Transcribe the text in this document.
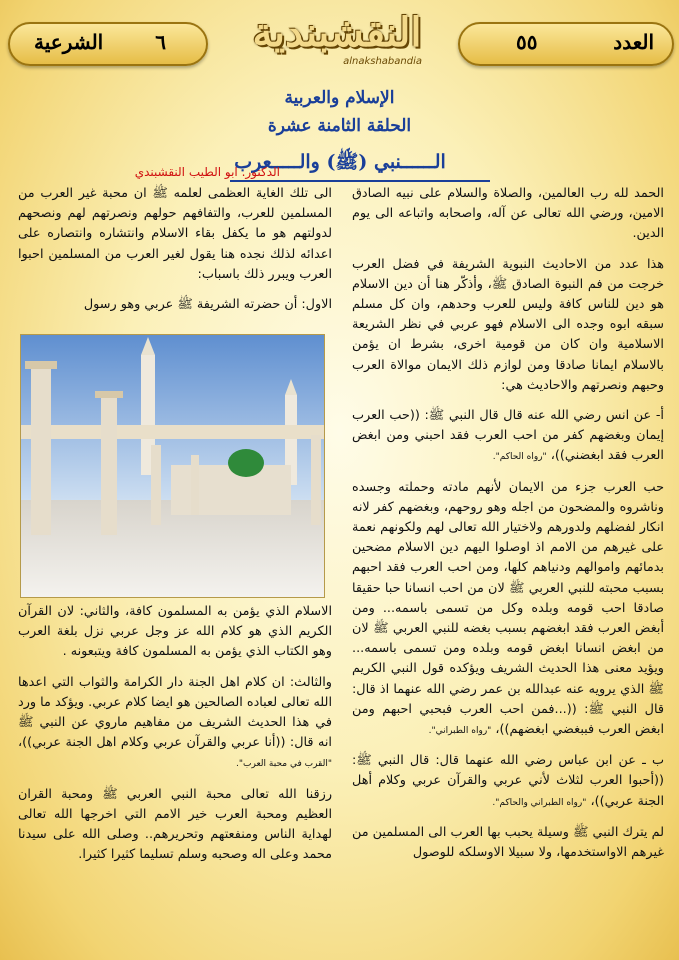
العدد
٥٥
النقشبندية
alnakshabandia
الشرعية	٦
الإسلام والعربية
الحلقة الثامنة عشرة
الــــــنبي (ﷺ) والـــــعرب
الدكتور. ابو الطيب النقشبندي

الحمد لله رب العالمين، والصلاة والسلام على نبيه الصادق الامين، ورضي الله تعالى عن آله، واصحابه واتباعه الى يوم الدين.

هذا عدد من الاحاديث النبوية الشريفة في فضل العرب خرجت من فم النبوة الصادق ﷺ، وأذكّر هنا أن دين الاسلام هو دين للناس كافة وليس للعرب وحدهم، وان كل مسلم سبقه ابوه وجده الى الاسلام فهو عربي في نظر الشريعة الاسلامية وان كان من قومية اخرى، بشرط ان يؤمن بالاسلام ايمانا صادقا ومن لوازم ذلك الايمان موالاة العرب وحبهم ونصرتهم والاحاديث هي:

أ- عن انس رضي الله عنه قال قال النبي ﷺ: ((حب العرب إيمان وبغضهم كفر من احب العرب فقد احبني ومن ابغض العرب فقد ابغضني))، "رواه الحاكم".

حب العرب جزء من الايمان لأنهم مادته وحملته وجسده وناشروه والمضحون من اجله وهو روحهم، وبغضهم كفر لانه انكار لفضلهم ولدورهم ولاختيار الله تعالى لهم ولكونهم نعمة على غيرهم من الامم اذ اوصلوا اليهم دين الاسلام مضحين بدمائهم واموالهم ودنياهم كلها، ومن احب العرب فقد احبهم بسبب محبته للنبي العربي ﷺ لان من احب انسانا حبا حقيقا صادقا احب قومه وبلده وكل من تسمى باسمه... ومن أبغض العرب فقد ابغضهم بسبب بغضه للنبي العربي ﷺ لان من ابغض انسانا ابغض قومه وبلده ومن تسمى باسمه... ويؤيد معنى هذا الحديث الشريف ويؤكده قول النبي الكريم ﷺ الذي يرويه عنه عبدالله بن عمر رضي الله عنهما اذ قال: قال النبي ﷺ: ((...فمن احب العرب فبحبي احبهم ومن ابغض العرب فببغضي ابغضهم))، "رواه الطبراني".

ب ـ عن ابن عباس رضي الله عنهما قال: قال النبي ﷺ: ((أحبوا العرب لثلاث لأني عربي والقرآن عربي وكلام أهل الجنة عربي))، "رواه الطبراني والحاكم".

لم يترك النبي ﷺ وسيلة يحبب بها العرب الى المسلمين من غيرهم الاواستخدمها، ولا سبيلا الاوسلكه للوصول

الى تلك الغاية العظمى لعلمه ﷺ ان محبة غير العرب من المسلمين للعرب، والتفافهم حولهم ونصرتهم لهم ونصحهم لدولتهم هو ما يكفل بقاء الاسلام وانتشاره وانتصاره على اعدائه لذلك نجده هنا يقول لغير العرب من المسلمين احبوا العرب ويبرر ذلك باسباب:

الاول: أن حضرته الشريفة ﷺ عربي وهو رسول

الاسلام الذي يؤمن به المسلمون كافة، والثاني: لان القرآن الكريم الذي هو كلام الله عز وجل عربي نزل بلغة العرب وهو الكتاب الذي يؤمن به المسلمون كافة ويتبعونه .

والثالث: ان كلام اهل الجنة دار الكرامة والثواب التي اعدها الله تعالى لعباده الصالحين هو ايضا كلام عربي. ويؤكد ما ورد في هذا الحديث الشريف من مفاهيم ماروي عن النبي ﷺ انه قال: ((أنا عربي والقرآن عربي وكلام اهل الجنة عربي))، "القرب في محبة العرب".

رزقنا الله تعالى محبة النبي العربي ﷺ ومحبة القران العظيم ومحبة العرب خير الامم التي اخرجها الله تعالى لهداية الناس ومنفعتهم وتحريرهم.. وصلى الله على سيدنا محمد وعلى اله وصحبه وسلم تسليما كثيرا كثيرا.
